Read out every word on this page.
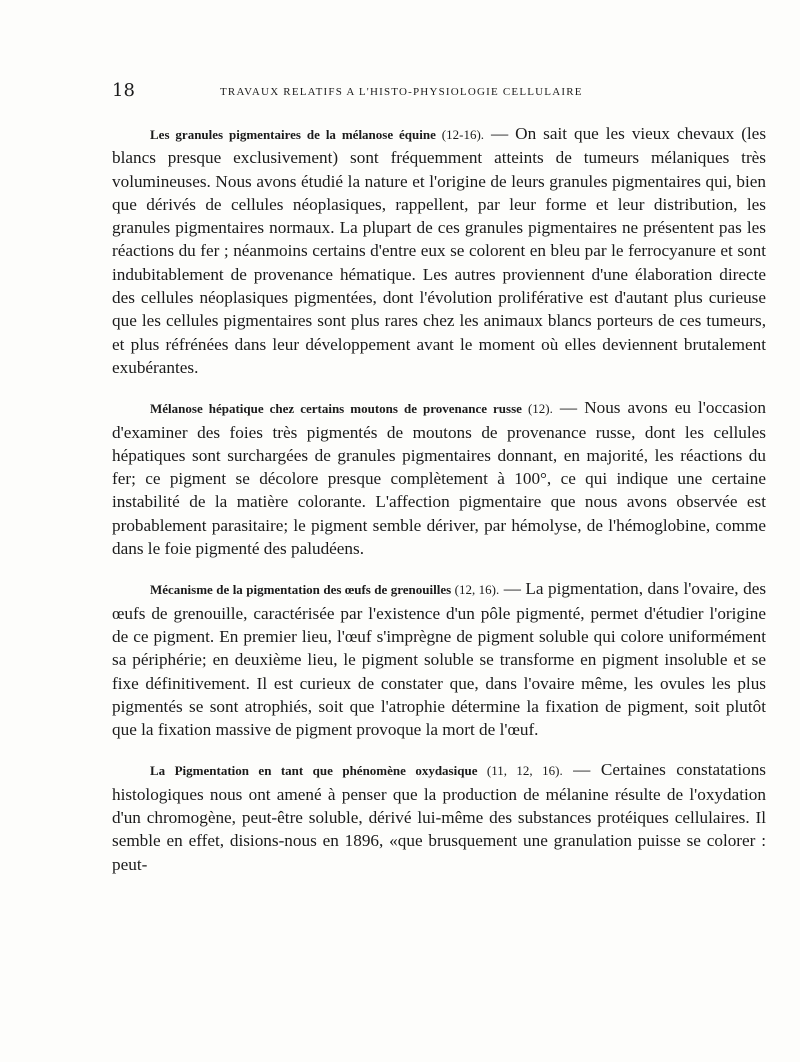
18	TRAVAUX RELATIFS A L'HISTO-PHYSIOLOGIE CELLULAIRE

Les granules pigmentaires de la mélanose équine (12-16). — On sait que les vieux chevaux (les blancs presque exclusivement) sont fréquemment atteints de tumeurs mélaniques très volumineuses. Nous avons étudié la nature et l'origine de leurs granules pigmentaires qui, bien que dérivés de cellules néoplasiques, rappellent, par leur forme et leur distribution, les granules pigmentaires normaux. La plupart de ces granules pigmentaires ne présentent pas les réactions du fer ; néanmoins certains d'entre eux se colorent en bleu par le ferrocyanure et sont indubitablement de provenance hématique. Les autres proviennent d'une élaboration directe des cellules néoplasiques pigmentées, dont l'évolution proliférative est d'autant plus curieuse que les cellules pigmentaires sont plus rares chez les animaux blancs porteurs de ces tumeurs, et plus réfrénées dans leur développement avant le moment où elles deviennent brutalement exubérantes.

Mélanose hépatique chez certains moutons de provenance russe (12). — Nous avons eu l'occasion d'examiner des foies très pigmentés de moutons de provenance russe, dont les cellules hépatiques sont surchargées de granules pigmentaires donnant, en majorité, les réactions du fer; ce pigment se décolore presque complètement à 100°, ce qui indique une certaine instabilité de la matière colorante. L'affection pigmentaire que nous avons observée est probablement parasitaire; le pigment semble dériver, par hémolyse, de l'hémoglobine, comme dans le foie pigmenté des paludéens.

Mécanisme de la pigmentation des œufs de grenouilles (12, 16). — La pigmentation, dans l'ovaire, des œufs de grenouille, caractérisée par l'existence d'un pôle pigmenté, permet d'étudier l'origine de ce pigment. En premier lieu, l'œuf s'imprègne de pigment soluble qui colore uniformément sa périphérie; en deuxième lieu, le pigment soluble se transforme en pigment insoluble et se fixe définitivement. Il est curieux de constater que, dans l'ovaire même, les ovules les plus pigmentés se sont atrophiés, soit que l'atrophie détermine la fixation de pigment, soit plutôt que la fixation massive de pigment provoque la mort de l'œuf.

La Pigmentation en tant que phénomène oxydasique (11, 12, 16). — Certaines constatations histologiques nous ont amené à penser que la production de mélanine résulte de l'oxydation d'un chromogène, peut-être soluble, dérivé lui-même des substances protéiques cellulaires. Il semble en effet, disions-nous en 1896, «que brusquement une granulation puisse se colorer : peut-
